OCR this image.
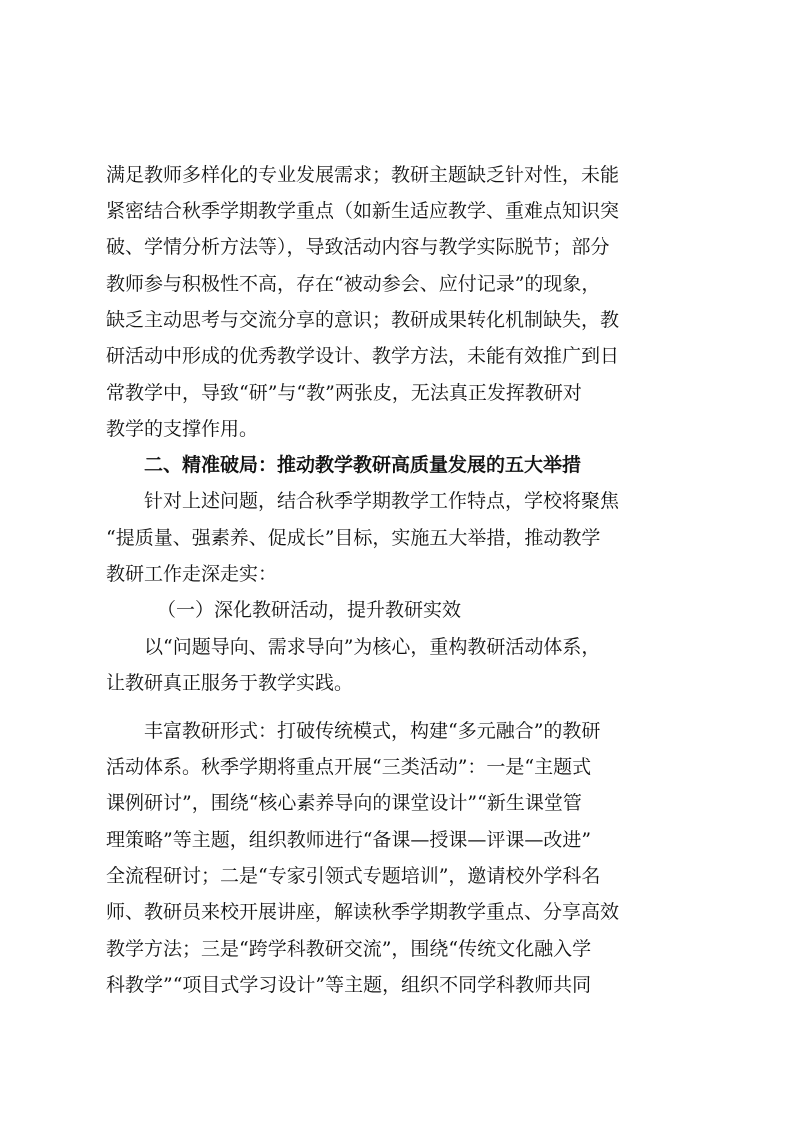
满足教师多样化的专业发展需求；教研主题缺乏针对性，未能
紧密结合秋季学期教学重点（如新生适应教学、重难点知识突
破、学情分析方法等），导致活动内容与教学实际脱节；部分
教师参与积极性不高，存在“被动参会、应付记录”的现象，
缺乏主动思考与交流分享的意识；教研成果转化机制缺失，教
研活动中形成的优秀教学设计、教学方法，未能有效推广到日
常教学中，导致“研”与“教”两张皮，无法真正发挥教研对
教学的支撑作用。
二、精准破局：推动教学教研高质量发展的五大举措
针对上述问题，结合秋季学期教学工作特点，学校将聚焦
“提质量、强素养、促成长”目标，实施五大举措，推动教学
教研工作走深走实：
（一）深化教研活动，提升教研实效
以“问题导向、需求导向”为核心，重构教研活动体系，
让教研真正服务于教学实践。
丰富教研形式：打破传统模式，构建“多元融合”的教研
活动体系。秋季学期将重点开展“三类活动”：一是“主题式
课例研讨”，围绕“核心素养导向的课堂设计”“新生课堂管
理策略”等主题，组织教师进行“备课—授课—评课—改进”
全流程研讨；二是“专家引领式专题培训”，邀请校外学科名
师、教研员来校开展讲座，解读秋季学期教学重点、分享高效
教学方法；三是“跨学科教研交流”，围绕“传统文化融入学
科教学”“项目式学习设计”等主题，组织不同学科教师共同
